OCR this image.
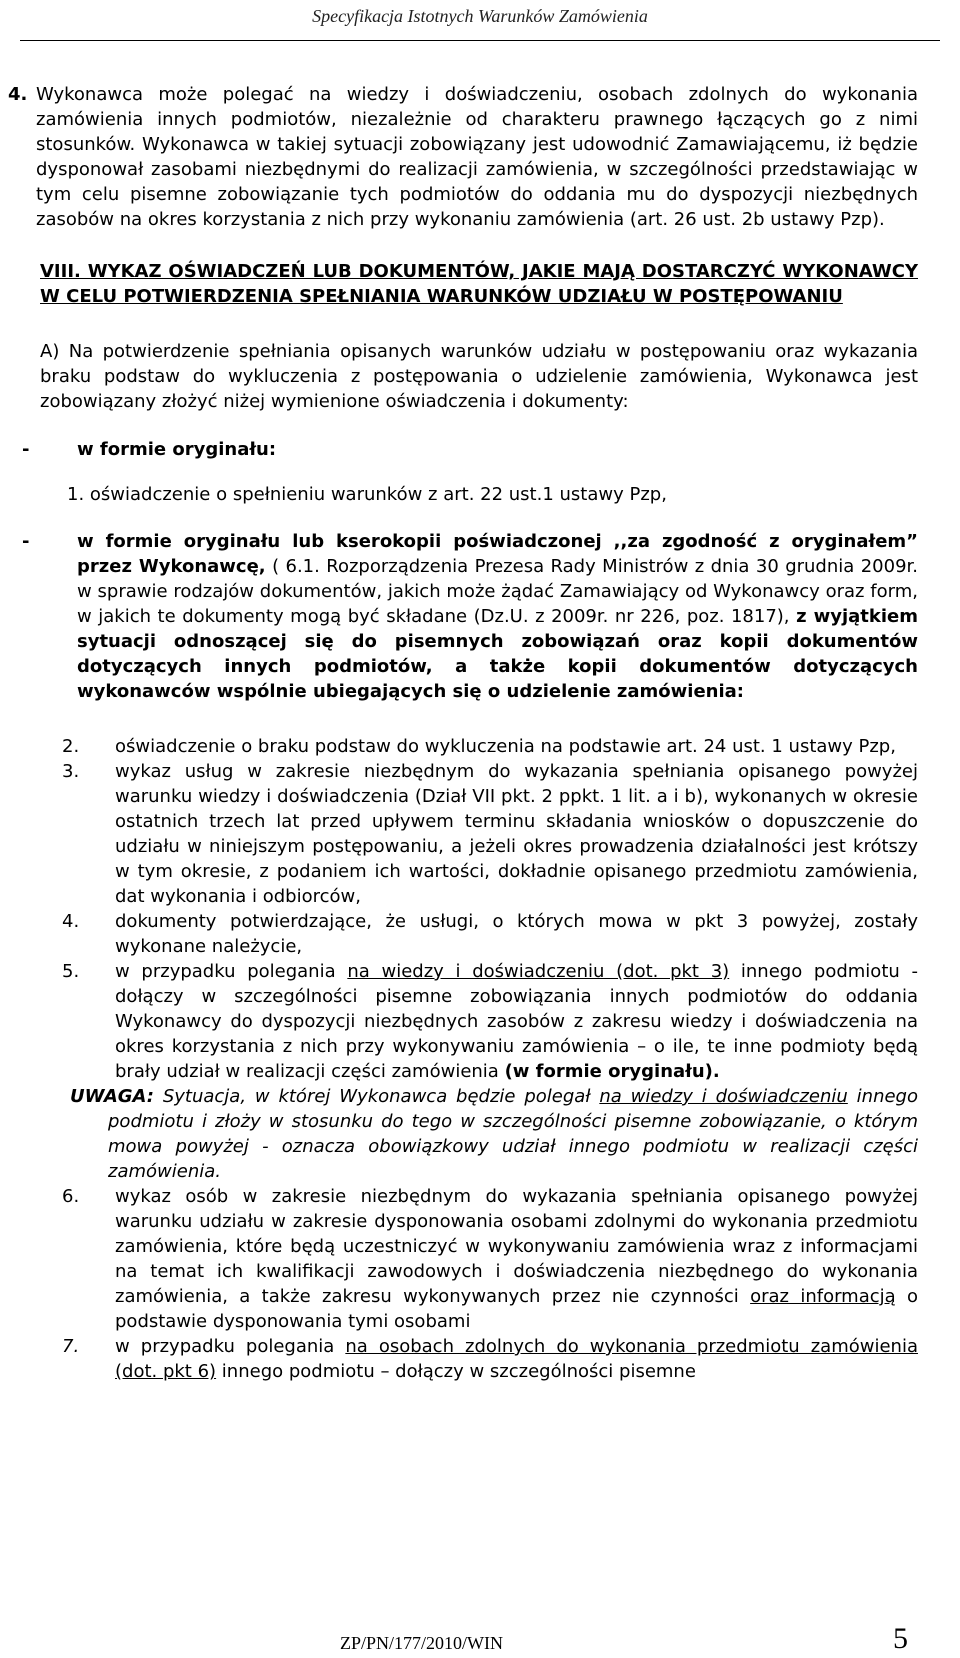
Specyfikacja Istotnych Warunków Zamówienia
4. Wykonawca może polegać na wiedzy i doświadczeniu, osobach zdolnych do wykonania zamówienia innych podmiotów, niezależnie od charakteru prawnego łączących go z nimi stosunków. Wykonawca w takiej sytuacji zobowiązany jest udowodnić Zamawiającemu, iż będzie dysponował zasobami niezbędnymi do realizacji zamówienia, w szczególności przedstawiając w tym celu pisemne zobowiązanie tych podmiotów do oddania mu do dyspozycji niezbędnych zasobów na okres korzystania z nich przy wykonaniu zamówienia (art. 26 ust. 2b ustawy Pzp).

VIII. WYKAZ OŚWIADCZEŃ LUB DOKUMENTÓW, JAKIE MAJĄ DOSTARCZYĆ WYKONAWCY W CELU POTWIERDZENIA SPEŁNIANIA WARUNKÓW UDZIAŁU W POSTĘPOWANIU

A) Na potwierdzenie spełniania opisanych warunków udziału w postępowaniu oraz wykazania braku podstaw do wykluczenia z postępowania o udzielenie zamówienia, Wykonawca jest zobowiązany złożyć niżej wymienione oświadczenia i dokumenty:

-	w formie oryginału:
1. oświadczenie o spełnieniu warunków z art. 22 ust.1 ustawy Pzp,
-	w formie oryginału lub kserokopii poświadczonej ,,za zgodność z oryginałem” przez Wykonawcę, ( 6.1. Rozporządzenia Prezesa Rady Ministrów z dnia 30 grudnia 2009r. w sprawie rodzajów dokumentów, jakich może żądać Zamawiający od Wykonawcy oraz form, w jakich te dokumenty mogą być składane (Dz.U. z 2009r. nr 226, poz. 1817), z wyjątkiem sytuacji odnoszącej się do pisemnych zobowiązań oraz kopii dokumentów dotyczących innych podmiotów, a także kopii dokumentów dotyczących wykonawców wspólnie ubiegających się o udzielenie zamówienia:
2.	oświadczenie o braku podstaw do wykluczenia na podstawie art. 24 ust. 1 ustawy Pzp,
3.	wykaz usług w zakresie niezbędnym do wykazania spełniania opisanego powyżej warunku wiedzy i doświadczenia (Dział VII pkt. 2 ppkt. 1 lit. a i b), wykonanych w okresie ostatnich trzech lat przed upływem terminu składania wniosków o dopuszczenie do udziału w niniejszym postępowaniu, a jeżeli okres prowadzenia działalności jest krótszy w tym okresie, z podaniem ich wartości, dokładnie opisanego przedmiotu zamówienia, dat wykonania i odbiorców,
4.	dokumenty potwierdzające, że usługi, o których mowa w pkt 3 powyżej, zostały wykonane należycie,
5.	w przypadku polegania na wiedzy i doświadczeniu (dot. pkt 3) innego podmiotu - dołączy w szczególności pisemne zobowiązania innych podmiotów do oddania Wykonawcy do dyspozycji niezbędnych zasobów z zakresu wiedzy i doświadczenia na okres korzystania z nich przy wykonywaniu zamówienia – o ile, te inne podmioty będą brały udział w realizacji części zamówienia (w formie oryginału).
UWAGA: Sytuacja, w której Wykonawca będzie polegał na wiedzy i doświadczeniu innego podmiotu i złoży w stosunku do tego w szczególności pisemne zobowiązanie, o którym mowa powyżej - oznacza obowiązkowy udział innego podmiotu w realizacji części zamówienia.
6.	wykaz osób w zakresie niezbędnym do wykazania spełniania opisanego powyżej warunku udziału w zakresie dysponowania osobami zdolnymi do wykonania przedmiotu zamówienia, które będą uczestniczyć w wykonywaniu zamówienia wraz z informacjami na temat ich kwalifikacji zawodowych i doświadczenia niezbędnego do wykonania zamówienia, a także zakresu wykonywanych przez nie czynności oraz informacją o podstawie dysponowania tymi osobami
7.	w przypadku polegania na osobach zdolnych do wykonania przedmiotu zamówienia (dot. pkt 6) innego podmiotu – dołączy w szczególności pisemne
ZP/PN/177/2010/WIN	5
